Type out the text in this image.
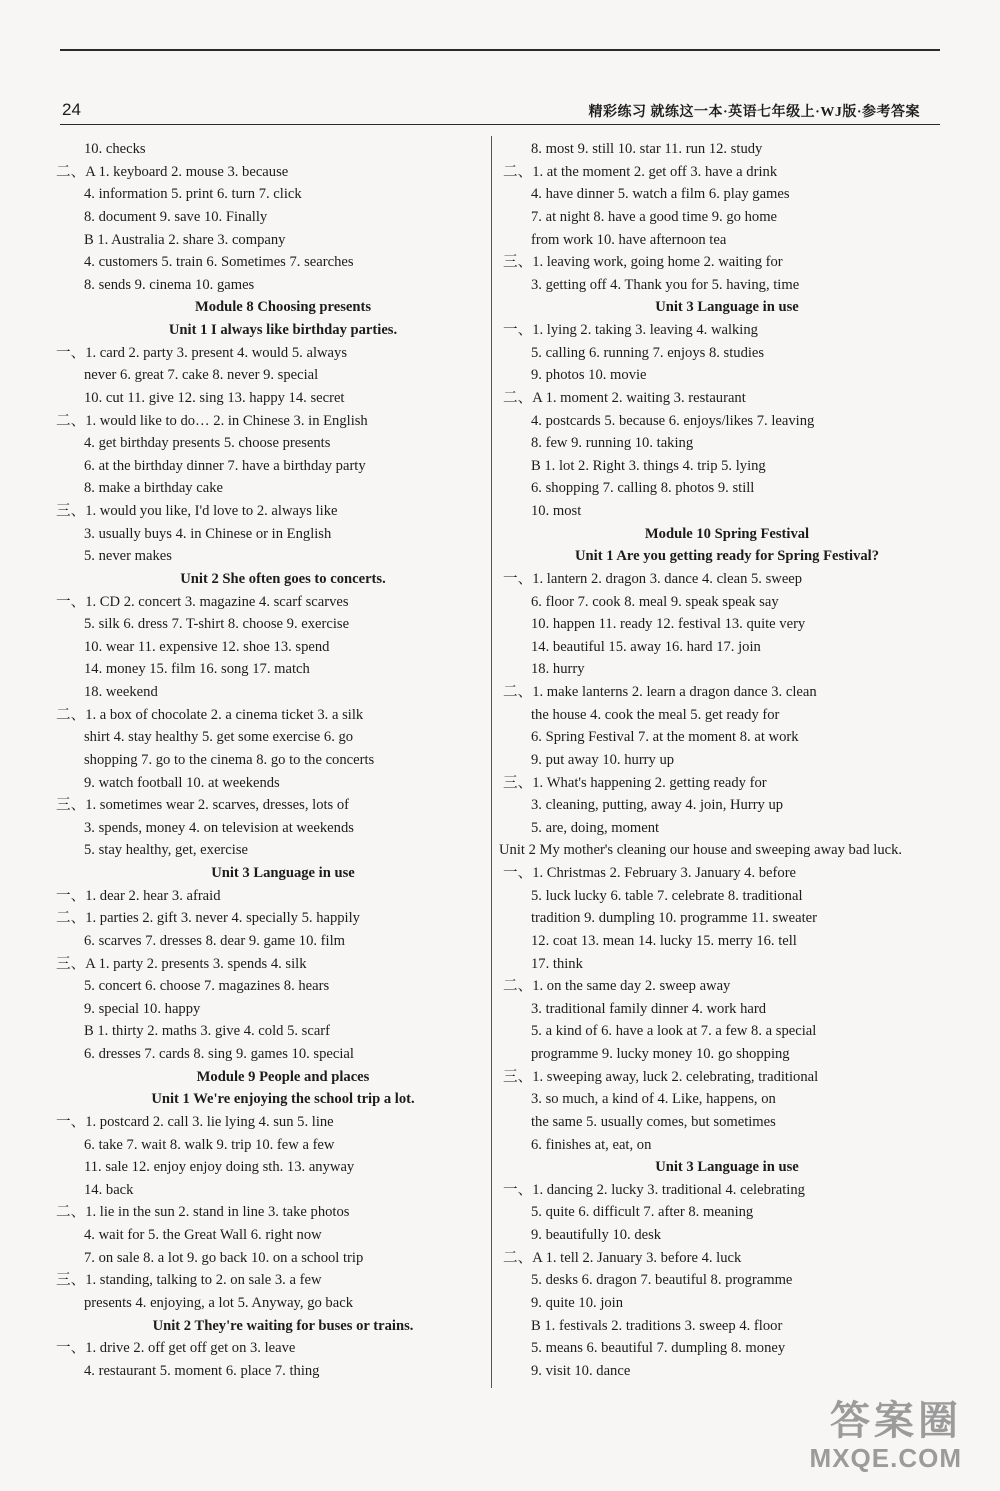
24	精彩练习 就练这一本·英语七年级上·WJ版·参考答案
10. checks
二、A 1. keyboard 2. mouse 3. because
4. information 5. print 6. turn 7. click
8. document 9. save 10. Finally
B 1. Australia 2. share 3. company
4. customers 5. train 6. Sometimes 7. searches
8. sends 9. cinema 10. games
Module 8 Choosing presents
Unit 1 I always like birthday parties.
一、1. card 2. party 3. present 4. would 5. always
never 6. great 7. cake 8. never 9. special
10. cut 11. give 12. sing 13. happy 14. secret
二、1. would like to do… 2. in Chinese 3. in English
4. get birthday presents 5. choose presents
6. at the birthday dinner 7. have a birthday party
8. make a birthday cake
三、1. would you like, I'd love to 2. always like
3. usually buys 4. in Chinese or in English
5. never makes
Unit 2 She often goes to concerts.
一、1. CD 2. concert 3. magazine 4. scarf scarves
5. silk 6. dress 7. T-shirt 8. choose 9. exercise
10. wear 11. expensive 12. shoe 13. spend
14. money 15. film 16. song 17. match
18. weekend
二、1. a box of chocolate 2. a cinema ticket 3. a silk
shirt 4. stay healthy 5. get some exercise 6. go
shopping 7. go to the cinema 8. go to the concerts
9. watch football 10. at weekends
三、1. sometimes wear 2. scarves, dresses, lots of
3. spends, money 4. on television at weekends
5. stay healthy, get, exercise
Unit 3 Language in use
一、1. dear 2. hear 3. afraid
二、1. parties 2. gift 3. never 4. specially 5. happily
6. scarves 7. dresses 8. dear 9. game 10. film
三、A 1. party 2. presents 3. spends 4. silk
5. concert 6. choose 7. magazines 8. hears
9. special 10. happy
B 1. thirty 2. maths 3. give 4. cold 5. scarf
6. dresses 7. cards 8. sing 9. games 10. special
Module 9 People and places
Unit 1 We're enjoying the school trip a lot.
一、1. postcard 2. call 3. lie lying 4. sun 5. line
6. take 7. wait 8. walk 9. trip 10. few a few
11. sale 12. enjoy enjoy doing sth. 13. anyway
14. back
二、1. lie in the sun 2. stand in line 3. take photos
4. wait for 5. the Great Wall 6. right now
7. on sale 8. a lot 9. go back 10. on a school trip
三、1. standing, talking to 2. on sale 3. a few
presents 4. enjoying, a lot 5. Anyway, go back
Unit 2 They're waiting for buses or trains.
一、1. drive 2. off get off get on 3. leave
4. restaurant 5. moment 6. place 7. thing
8. most 9. still 10. star 11. run 12. study
二、1. at the moment 2. get off 3. have a drink
4. have dinner 5. watch a film 6. play games
7. at night 8. have a good time 9. go home
from work 10. have afternoon tea
三、1. leaving work, going home 2. waiting for
3. getting off 4. Thank you for 5. having, time
Unit 3 Language in use
一、1. lying 2. taking 3. leaving 4. walking
5. calling 6. running 7. enjoys 8. studies
9. photos 10. movie
二、A 1. moment 2. waiting 3. restaurant
4. postcards 5. because 6. enjoys/likes 7. leaving
8. few 9. running 10. taking
B 1. lot 2. Right 3. things 4. trip 5. lying
6. shopping 7. calling 8. photos 9. still
10. most
Module 10 Spring Festival
Unit 1 Are you getting ready for Spring Festival?
一、1. lantern 2. dragon 3. dance 4. clean 5. sweep
6. floor 7. cook 8. meal 9. speak speak say
10. happen 11. ready 12. festival 13. quite very
14. beautiful 15. away 16. hard 17. join
18. hurry
二、1. make lanterns 2. learn a dragon dance 3. clean
the house 4. cook the meal 5. get ready for
6. Spring Festival 7. at the moment 8. at work
9. put away 10. hurry up
三、1. What's happening 2. getting ready for
3. cleaning, putting, away 4. join, Hurry up
5. are, doing, moment
Unit 2 My mother's cleaning our house and sweeping away bad luck.
一、1. Christmas 2. February 3. January 4. before
5. luck lucky 6. table 7. celebrate 8. traditional
tradition 9. dumpling 10. programme 11. sweater
12. coat 13. mean 14. lucky 15. merry 16. tell
17. think
二、1. on the same day 2. sweep away
3. traditional family dinner 4. work hard
5. a kind of 6. have a look at 7. a few 8. a special
programme 9. lucky money 10. go shopping
三、1. sweeping away, luck 2. celebrating, traditional
3. so much, a kind of 4. Like, happens, on
the same 5. usually comes, but sometimes
6. finishes at, eat, on
Unit 3 Language in use
一、1. dancing 2. lucky 3. traditional 4. celebrating
5. quite 6. difficult 7. after 8. meaning
9. beautifully 10. desk
二、A 1. tell 2. January 3. before 4. luck
5. desks 6. dragon 7. beautiful 8. programme
9. quite 10. join
B 1. festivals 2. traditions 3. sweep 4. floor
5. means 6. beautiful 7. dumpling 8. money
9. visit 10. dance
答案圈
MXQE.COM
